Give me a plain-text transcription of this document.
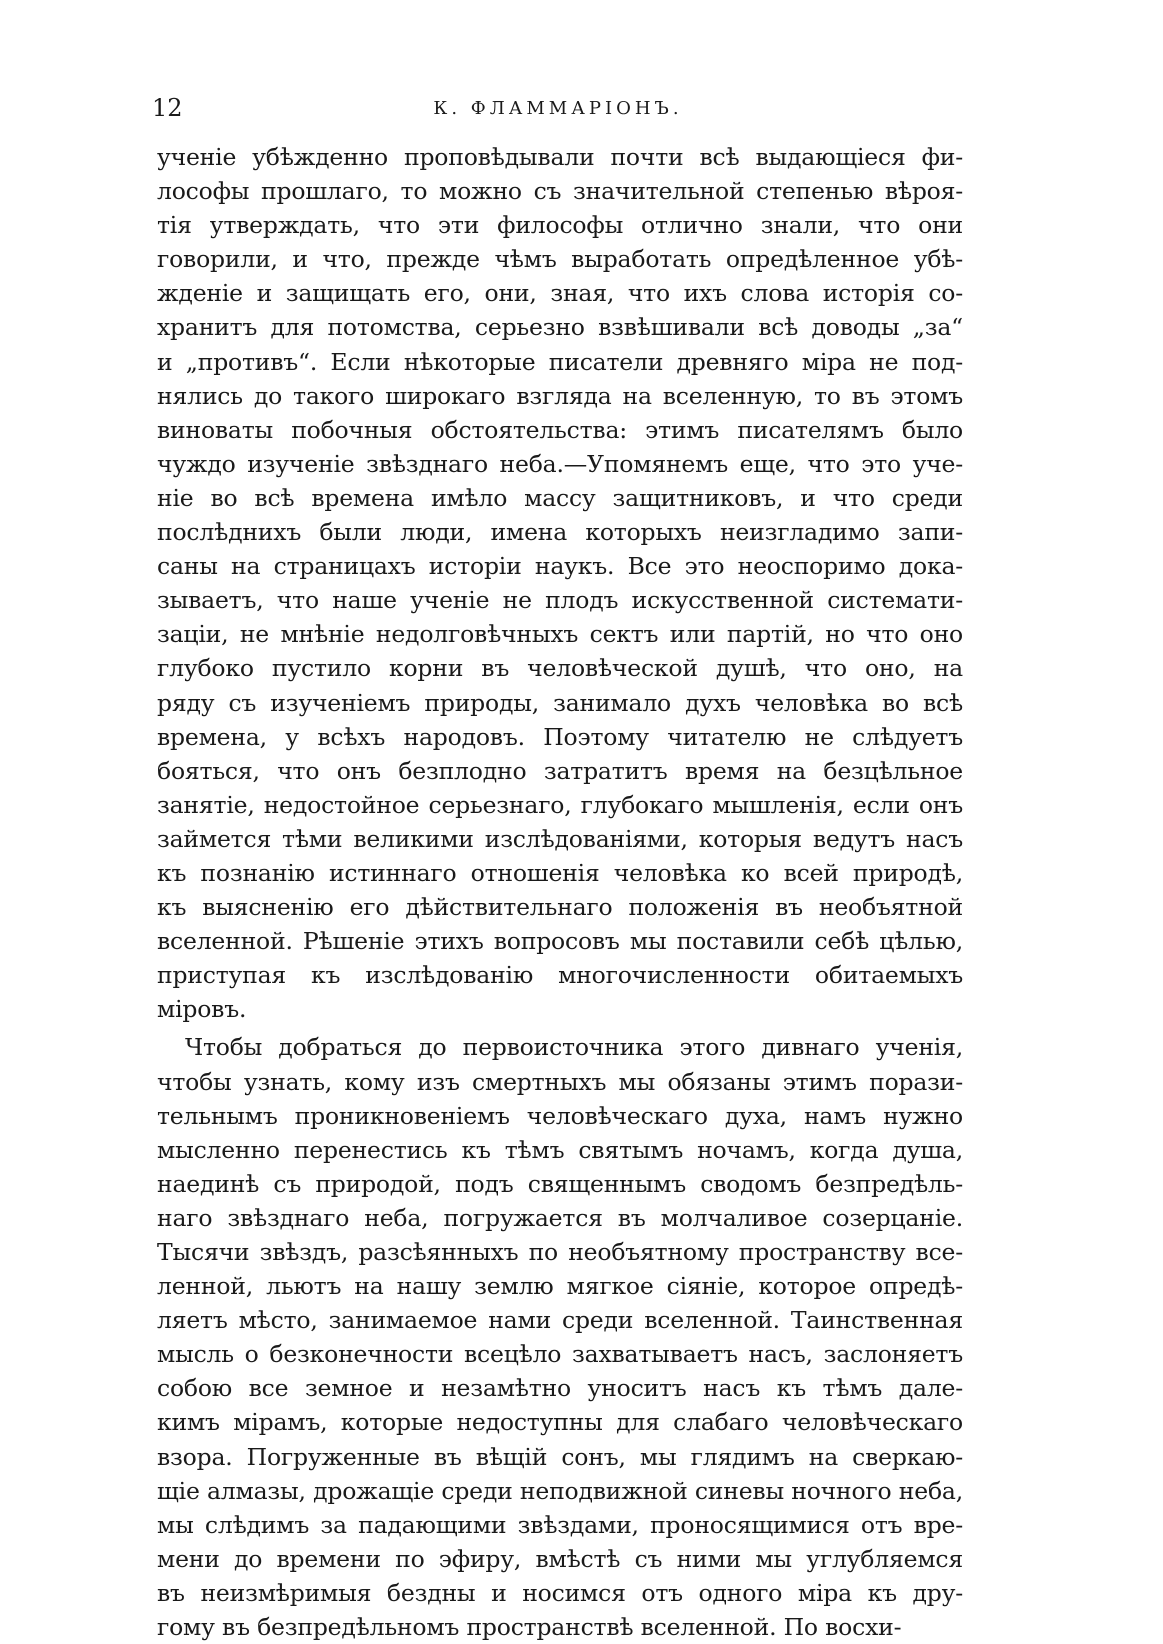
12	К. ФЛАММАРІОНЪ.
ученіе убѣжденно проповѣдывали почти всѣ выдающіеся фи-
лософы прошлаго, то можно съ значительной степенью вѣроя-
тія утверждать, что эти философы отлично знали, что они
говорили, и что, прежде чѣмъ выработать опредѣленное убѣ-
жденіе и защищать его, они, зная, что ихъ слова исторія со-
хранитъ для потомства, серьезно взвѣшивали всѣ доводы „за“
и „противъ“. Если нѣкоторые писатели древняго міра не под-
нялись до такого широкаго взгляда на вселенную, то въ этомъ
виноваты побочныя обстоятельства: этимъ писателямъ было
чуждо изученіе звѣзднаго неба.—Упомянемъ еще, что это уче-
ніе во всѣ времена имѣло массу защитниковъ, и что среди
послѣднихъ были люди, имена которыхъ неизгладимо запи-
саны на страницахъ исторіи наукъ. Все это неоспоримо дока-
зываетъ, что наше ученіе не плодъ искусственной системати-
заціи, не мнѣніе недолговѣчныхъ сектъ или партій, но что оно
глубоко пустило корни въ человѣческой душѣ, что оно, на
ряду съ изученіемъ природы, занимало духъ человѣка во всѣ
времена, у всѣхъ народовъ. Поэтому читателю не слѣдуетъ
бояться, что онъ безплодно затратитъ время на безцѣльное
занятіе, недостойное серьезнаго, глубокаго мышленія, если онъ
займется тѣми великими изслѣдованіями, которыя ведутъ насъ
къ познанію истиннаго отношенія человѣка ко всей природѣ,
къ выясненію его дѣйствительнаго положенія въ необъятной
вселенной. Рѣшеніе этихъ вопросовъ мы поставили себѣ цѣлью,
приступая къ изслѣдованію многочисленности обитаемыхъ
міровъ.
Чтобы добраться до первоисточника этого дивнаго ученія,
чтобы узнать, кому изъ смертныхъ мы обязаны этимъ порази-
тельнымъ проникновеніемъ человѣческаго духа, намъ нужно
мысленно перенестись къ тѣмъ святымъ ночамъ, когда душа,
наединѣ съ природой, подъ священнымъ сводомъ безпредѣль-
наго звѣзднаго неба, погружается въ молчаливое созерцаніе.
Тысячи звѣздъ, разсѣянныхъ по необъятному пространству все-
ленной, льютъ на нашу землю мягкое сіяніе, которое опредѣ-
ляетъ мѣсто, занимаемое нами среди вселенной. Таинственная
мысль о безконечности всецѣло захватываетъ насъ, заслоняетъ
собою все земное и незамѣтно уноситъ насъ къ тѣмъ дале-
кимъ мірамъ, которые недоступны для слабаго человѣческаго
взора. Погруженные въ вѣщій сонъ, мы глядимъ на сверкаю-
щіе алмазы, дрожащіе среди неподвижной синевы ночного неба,
мы слѣдимъ за падающими звѣздами, проносящимися отъ вре-
мени до времени по эфиру, вмѣстѣ съ ними мы углубляемся
въ неизмѣримыя бездны и носимся отъ одного міра къ дру-
гому въ безпредѣльномъ пространствѣ вселенной. По восхи-
